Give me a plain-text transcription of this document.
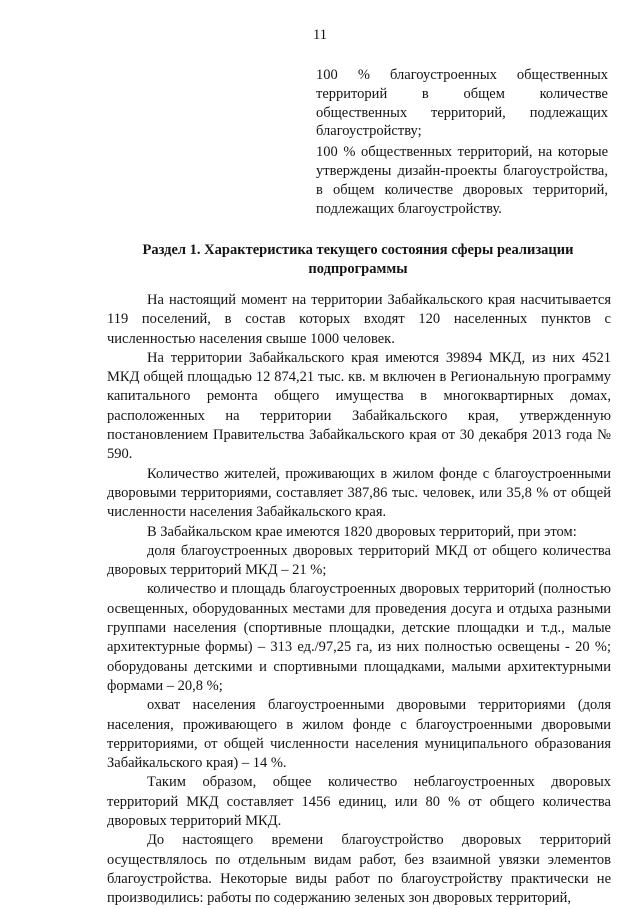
11

100 % благоустроенных общественных территорий в общем количестве общественных территорий, подлежащих благоустройству;

100 % общественных территорий, на которые утверждены дизайн-проекты благоустройства, в общем количестве дворовых территорий, подлежащих благоустройству.

Раздел 1. Характеристика текущего состояния сферы реализации подпрограммы

На настоящий момент на территории Забайкальского края насчитывается 119 поселений, в состав которых входят 120 населенных пунктов с численностью населения свыше 1000 человек.

На территории Забайкальского края имеются 39894 МКД, из них 4521 МКД общей площадью 12 874,21 тыс. кв. м включен в Региональную программу капитального ремонта общего имущества в многоквартирных домах, расположенных на территории Забайкальского края, утвержденную постановлением Правительства Забайкальского края от 30 декабря 2013 года № 590.

Количество жителей, проживающих в жилом фонде с благоустроенными дворовыми территориями, составляет 387,86 тыс. человек, или 35,8 % от общей численности населения Забайкальского края.

В Забайкальском крае имеются 1820 дворовых территорий, при этом:

доля благоустроенных дворовых территорий МКД от общего количества дворовых территорий МКД – 21 %;

количество и площадь благоустроенных дворовых территорий (полностью освещенных, оборудованных местами для проведения досуга и отдыха разными группами населения (спортивные площадки, детские площадки и т.д., малые архитектурные формы) – 313 ед./97,25 га, из них полностью освещены - 20 %; оборудованы детскими и спортивными площадками, малыми архитектурными формами – 20,8 %;

охват населения благоустроенными дворовыми территориями (доля населения, проживающего в жилом фонде с благоустроенными дворовыми территориями, от общей численности населения муниципального образования Забайкальского края) – 14 %.

Таким образом, общее количество неблагоустроенных дворовых территорий МКД составляет 1456 единиц, или 80 % от общего количества дворовых территорий МКД.

До настоящего времени благоустройство дворовых территорий осуществлялось по отдельным видам работ, без взаимной увязки элементов благоустройства. Некоторые виды работ по благоустройству практически не производились: работы по содержанию зеленых зон дворовых территорий,
